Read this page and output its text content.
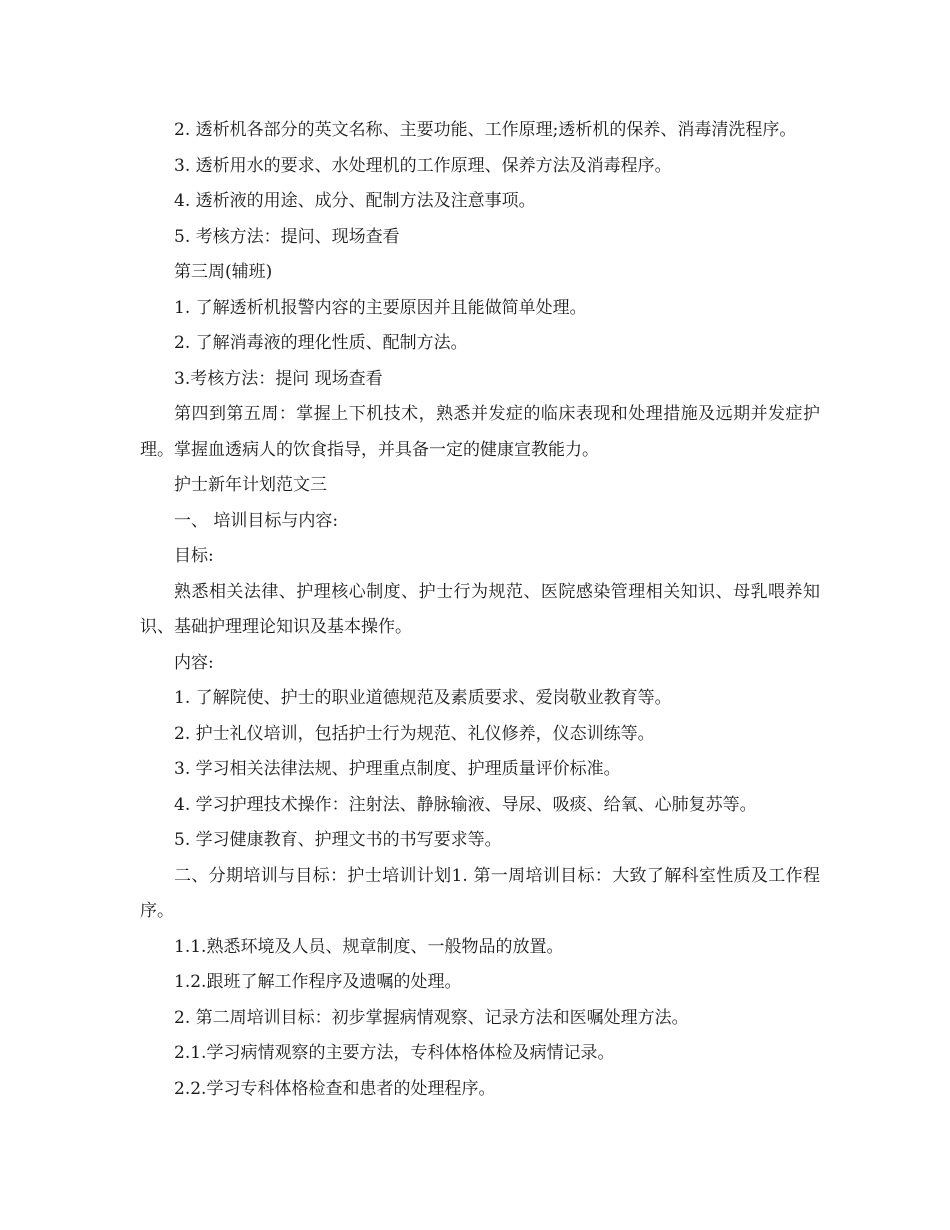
2. 透析机各部分的英文名称、主要功能、工作原理;透析机的保养、消毒清洗程序。

3. 透析用水的要求、水处理机的工作原理、保养方法及消毒程序。

4. 透析液的用途、成分、配制方法及注意事项。

5. 考核方法：提问、现场查看

第三周(辅班)

1. 了解透析机报警内容的主要原因并且能做简单处理。

2. 了解消毒液的理化性质、配制方法。

3.考核方法：提问 现场查看

第四到第五周：掌握上下机技术，熟悉并发症的临床表现和处理措施及远期并发症护理。掌握血透病人的饮食指导，并具备一定的健康宣教能力。

护士新年计划范文三

一、 培训目标与内容:

目标:

熟悉相关法律、护理核心制度、护士行为规范、医院感染管理相关知识、母乳喂养知识、基础护理理论知识及基本操作。

内容:

1. 了解院使、护士的职业道德规范及素质要求、爱岗敬业教育等。

2. 护士礼仪培训，包括护士行为规范、礼仪修养，仪态训练等。

3. 学习相关法律法规、护理重点制度、护理质量评价标准。

4. 学习护理技术操作：注射法、静脉输液、导尿、吸痰、给氧、心肺复苏等。

5. 学习健康教育、护理文书的书写要求等。

二、分期培训与目标：护士培训计划1. 第一周培训目标：大致了解科室性质及工作程序。

1.1.熟悉环境及人员、规章制度、一般物品的放置。

1.2.跟班了解工作程序及遗嘱的处理。

2. 第二周培训目标：初步掌握病情观察、记录方法和医嘱处理方法。

2.1.学习病情观察的主要方法，专科体格体检及病情记录。

2.2.学习专科体格检查和患者的处理程序。
